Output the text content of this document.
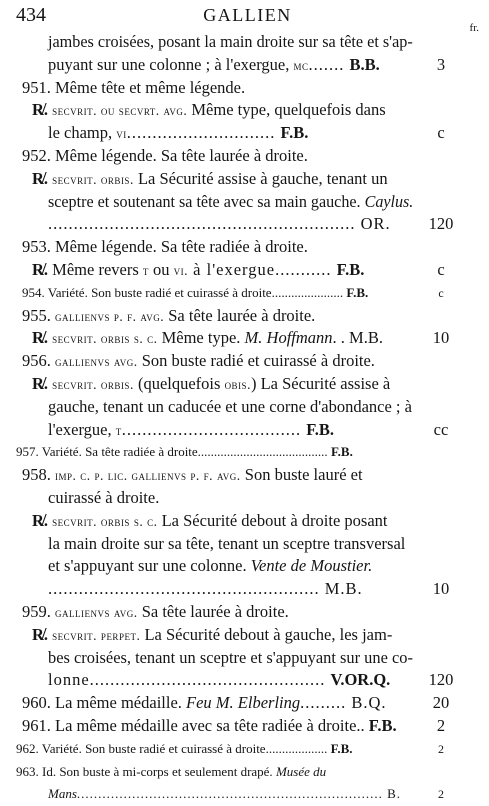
434	GALLIEN
fr.
jambes croisées, posant la main droite sur sa tête et s'ap-
puyant sur une colonne ; à l'exergue, mc....... B.B.	3
951. Même tête et même légende.
R̸. secvrit. ou secvrt. avg. Même type, quelquefois dans
le champ, vi............................. F.B.	c
952. Même légende. Sa tête laurée à droite.
R̸. secvrit. orbis. La Sécurité assise à gauche, tenant un
sceptre et soutenant sa tête avec sa main gauche. Caylus.
............................................................ OR.	120
953. Même légende. Sa tête radiée à droite.
R̸. Même revers t ou vi. à l'exergue........... F.B.	c
954. Variété. Son buste radié et cuirassé à droite...................... F.B.	c
955. gallienvs p. f. avg. Sa tête laurée à droite.
R̸. secvrit. orbis s. c. Même type. M. Hoffmann. . M.B.	10
956. gallienvs avg. Son buste radié et cuirassé à droite.
R̸. secvrit. orbis. (quelquefois obis.) La Sécurité assise à
gauche, tenant un caducée et une corne d'abondance ; à
l'exergue, t................................... F.B.	cc
957. Variété. Sa tête radiée à droite........................................ F.B.
958. imp. c. p. lic. gallienvs p. f. avg. Son buste lauré et
cuirassé à droite.
R̸. secvrit. orbis s. c. La Sécurité debout à droite posant
la main droite sur sa tête, tenant un sceptre transversal
et s'appuyant sur une colonne. Vente de Moustier.
..................................................... M.B.	10
959. gallienvs avg. Sa tête laurée à droite.
R̸. secvrit. perpet. La Sécurité debout à gauche, les jam-
bes croisées, tenant un sceptre et s'appuyant sur une co-
lonne.............................................. V.OR.Q.	120
960. La même médaille. Feu M. Elberling......... B.Q.	20
961. La même médaille avec sa tête radiée à droite.. F.B.	2
962. Variété. Son buste radié et cuirassé à droite................... F.B.	2
963. Id. Son buste à mi-corps et seulement drapé. Musée du
Mans........................................................................ B.	2
